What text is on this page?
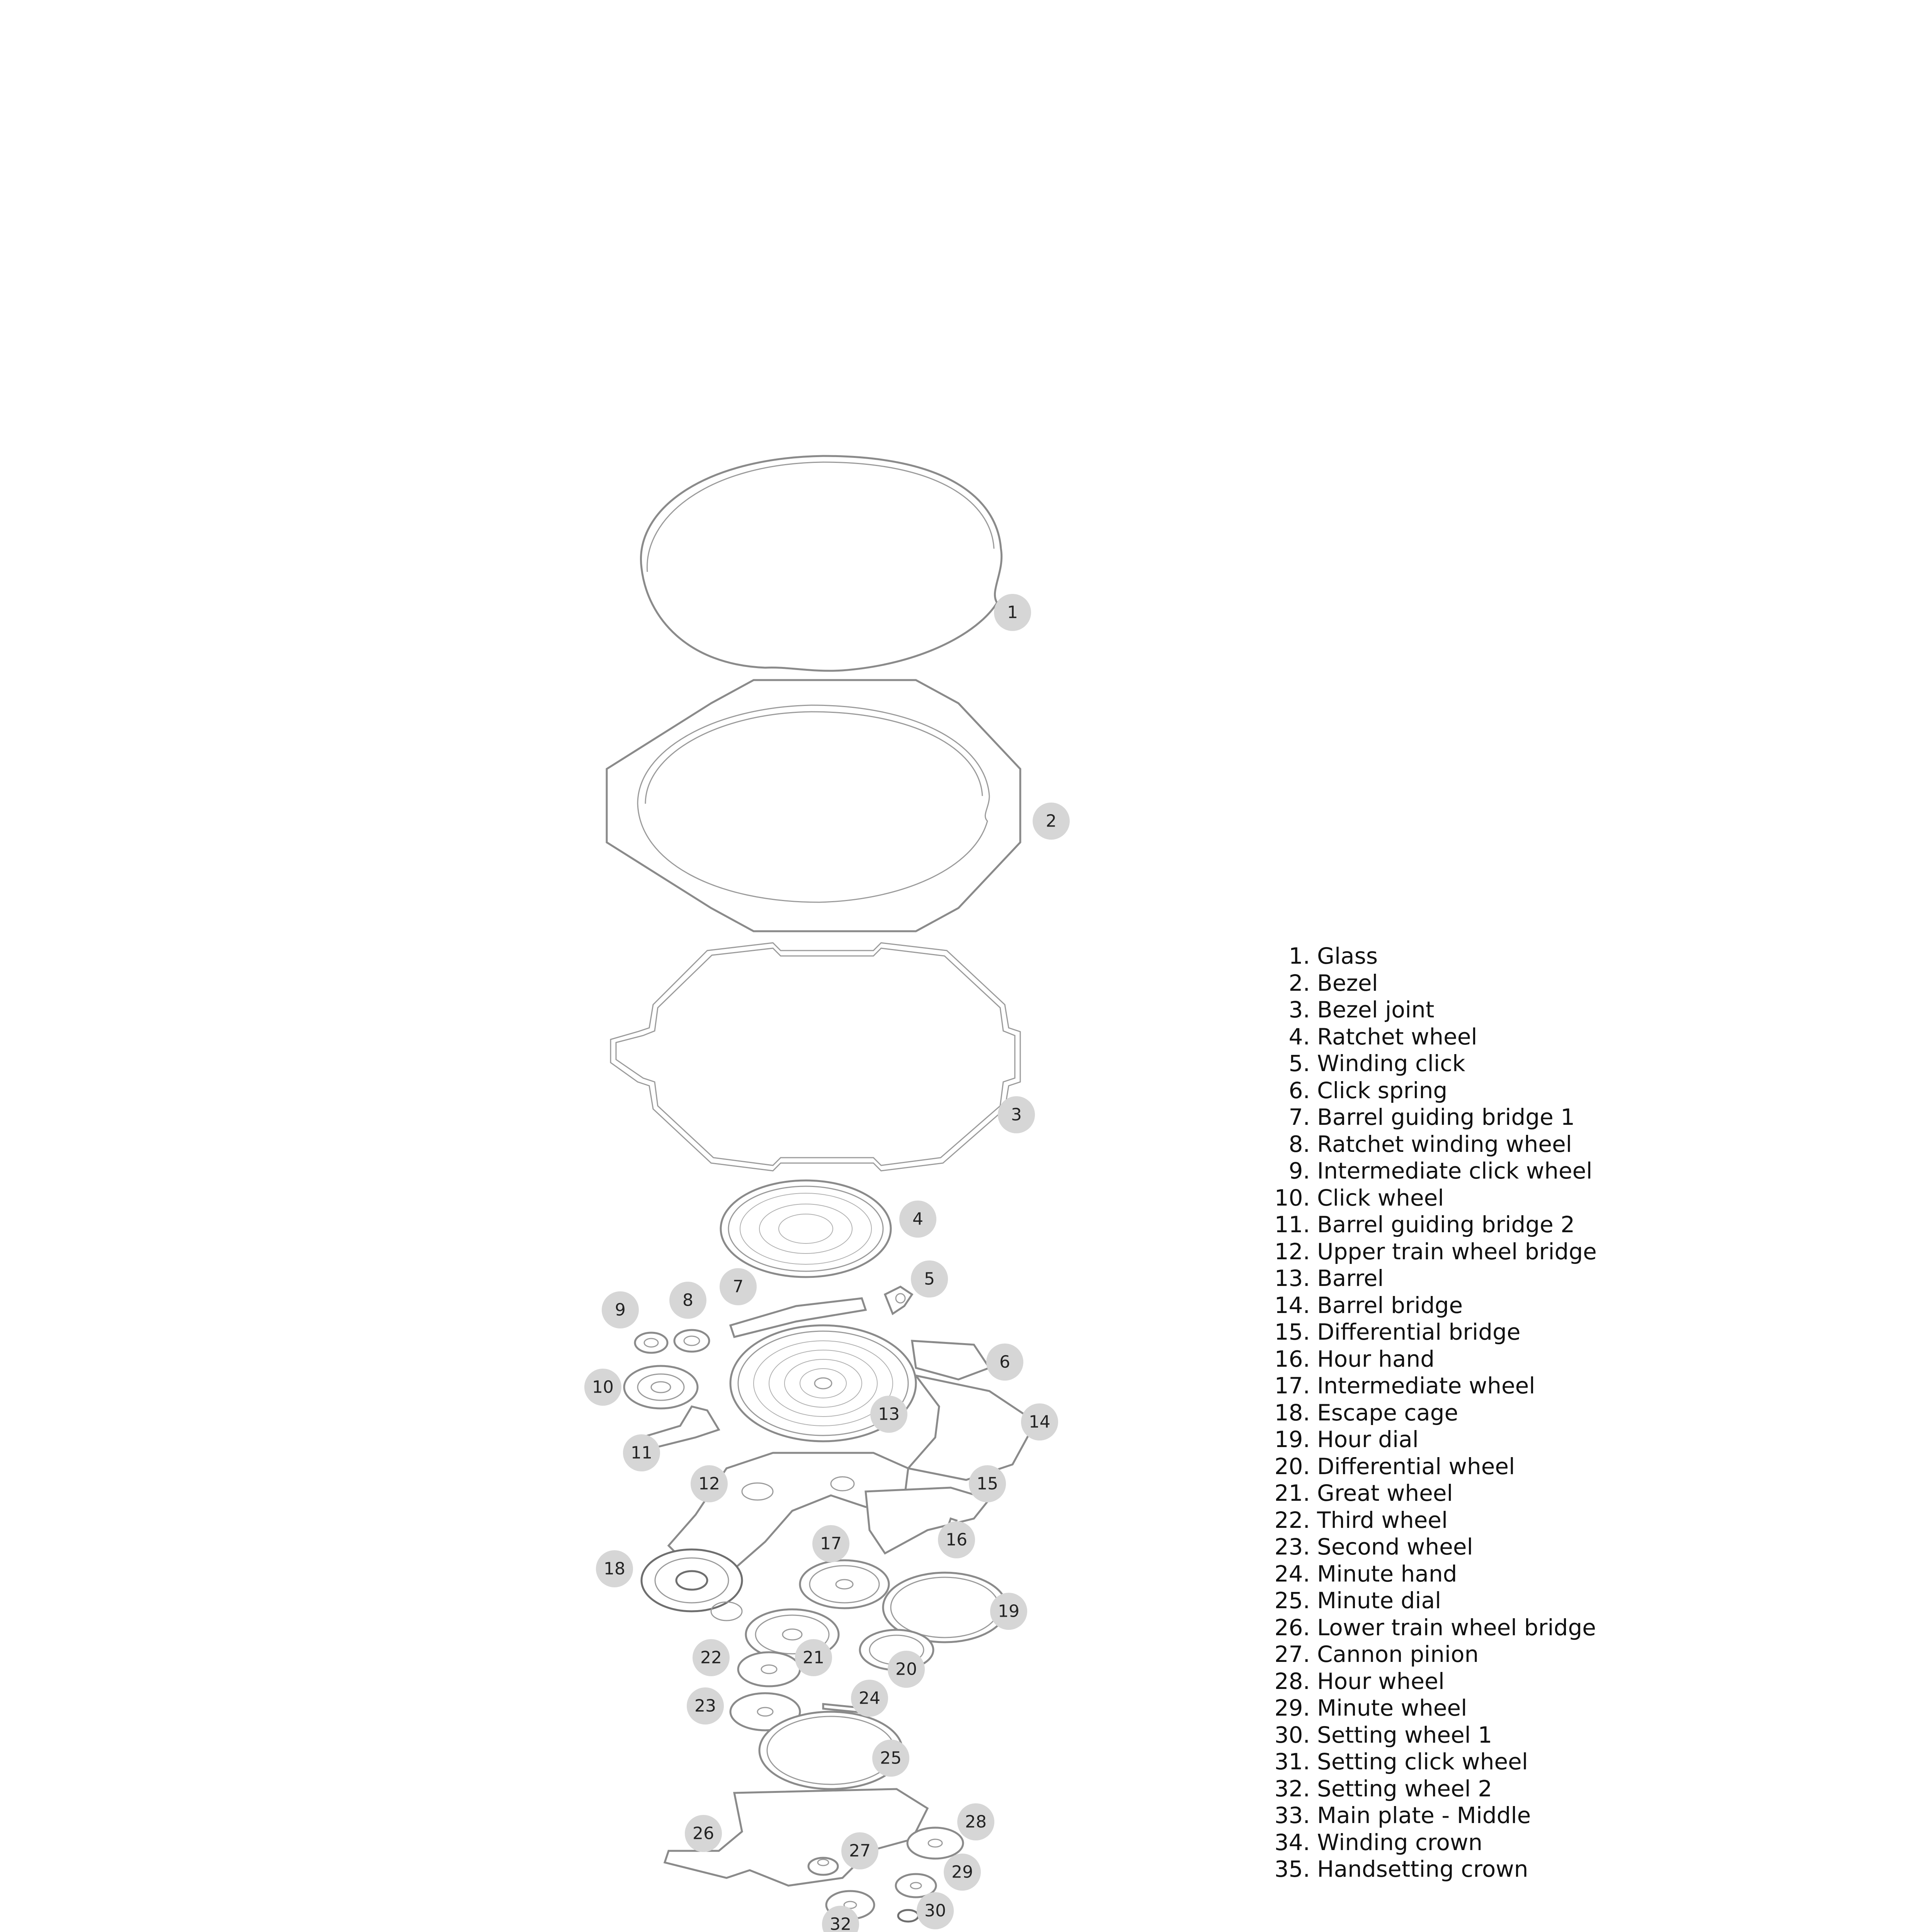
1
2
3
4
5
6
7
8
9
10
11
12
13	14
15
16
17
18
19
20
21
22
23	24
25
26
27
28
29
30
32
1. Glass
2. Bezel
3. Bezel joint
4. Ratchet wheel
5. Winding click
6. Click spring
7. Barrel guiding bridge 1
8. Ratchet winding wheel
9. Intermediate click wheel
10. Click wheel
11. Barrel guiding bridge 2
12. Upper train wheel bridge
13. Barrel
14. Barrel bridge
15. Differential bridge
16. Hour hand
17. Intermediate wheel
18. Escape cage
19. Hour dial
20. Differential wheel
21. Great wheel
22. Third wheel
23. Second wheel
24. Minute hand
25. Minute dial
26. Lower train wheel bridge
27. Cannon pinion
28. Hour wheel
29. Minute wheel
30. Setting wheel 1
31. Setting click wheel
32. Setting wheel 2
33. Main plate - Middle
34. Winding crown
35. Handsetting crown
